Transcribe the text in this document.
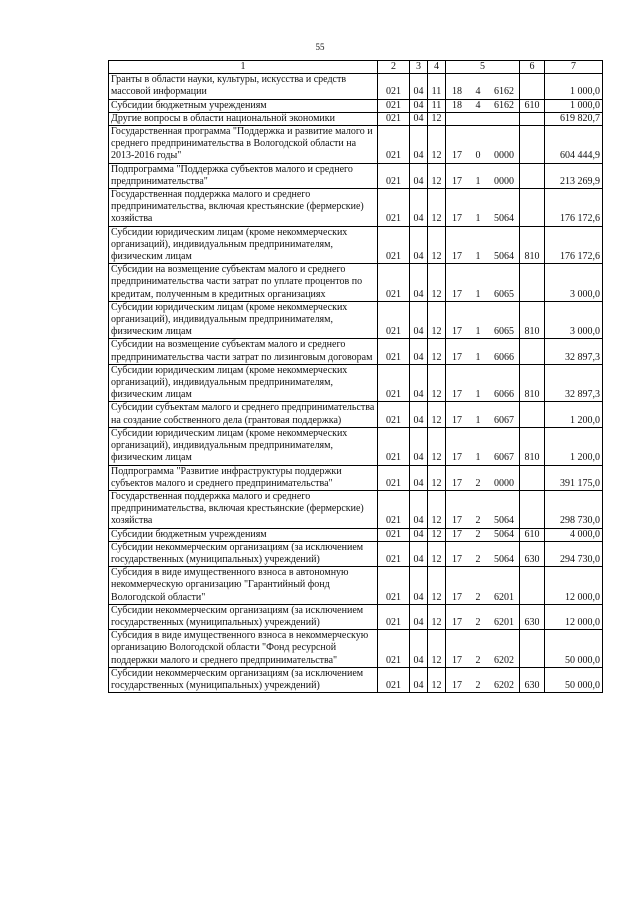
55
1	2	3	4	5	6	7
Гранты в области науки, культуры, искусства и средств массовой информации	021	04	11	18 4 6162		1 000,0
Субсидии бюджетным учреждениям	021	04	11	18 4 6162	610	1 000,0
Другие вопросы в области национальной экономики	021	04	12			619 820,7
Государственная программа "Поддержка и развитие малого и среднего предпринимательства в Вологодской области на 2013-2016 годы"	021	04	12	17 0 0000		604 444,9
Подпрограмма "Поддержка субъектов малого и среднего предпринимательства"	021	04	12	17 1 0000		213 269,9
Государственная поддержка малого и среднего предпринимательства, включая крестьянские (фермерские) хозяйства	021	04	12	17 1 5064		176 172,6
Субсидии юридическим лицам (кроме некоммерческих организаций), индивидуальным предпринимателям, физическим лицам	021	04	12	17 1 5064	810	176 172,6
Субсидии на возмещение субъектам малого и среднего предпринимательства части затрат по уплате процентов по кредитам, полученным в кредитных организациях	021	04	12	17 1 6065		3 000,0
Субсидии юридическим лицам (кроме некоммерческих организаций), индивидуальным предпринимателям, физическим лицам	021	04	12	17 1 6065	810	3 000,0
Субсидии на возмещение субъектам малого и среднего предпринимательства части затрат по лизинговым договорам	021	04	12	17 1 6066		32 897,3
Субсидии юридическим лицам (кроме некоммерческих организаций), индивидуальным предпринимателям, физическим лицам	021	04	12	17 1 6066	810	32 897,3
Субсидии субъектам малого и среднего предпринимательства на создание собственного дела (грантовая поддержка)	021	04	12	17 1 6067		1 200,0
Субсидии юридическим лицам (кроме некоммерческих организаций), индивидуальным предпринимателям, физическим лицам	021	04	12	17 1 6067	810	1 200,0
Подпрограмма "Развитие инфраструктуры поддержки субъектов малого и среднего предпринимательства"	021	04	12	17 2 0000		391 175,0
Государственная поддержка малого и среднего предпринимательства, включая крестьянские (фермерские) хозяйства	021	04	12	17 2 5064		298 730,0
Субсидии бюджетным учреждениям	021	04	12	17 2 5064	610	4 000,0
Субсидии некоммерческим организациям (за исключением государственных (муниципальных) учреждений)	021	04	12	17 2 5064	630	294 730,0
Субсидия в виде имущественного взноса в автономную некоммерческую организацию "Гарантийный фонд Вологодской области"	021	04	12	17 2 6201		12 000,0
Субсидии некоммерческим организациям (за исключением государственных (муниципальных) учреждений)	021	04	12	17 2 6201	630	12 000,0
Субсидия в виде имущественного взноса в некоммерческую организацию Вологодской области "Фонд ресурсной поддержки малого и среднего предпринимательства"	021	04	12	17 2 6202		50 000,0
Субсидии некоммерческим организациям (за исключением государственных (муниципальных) учреждений)	021	04	12	17 2 6202	630	50 000,0
